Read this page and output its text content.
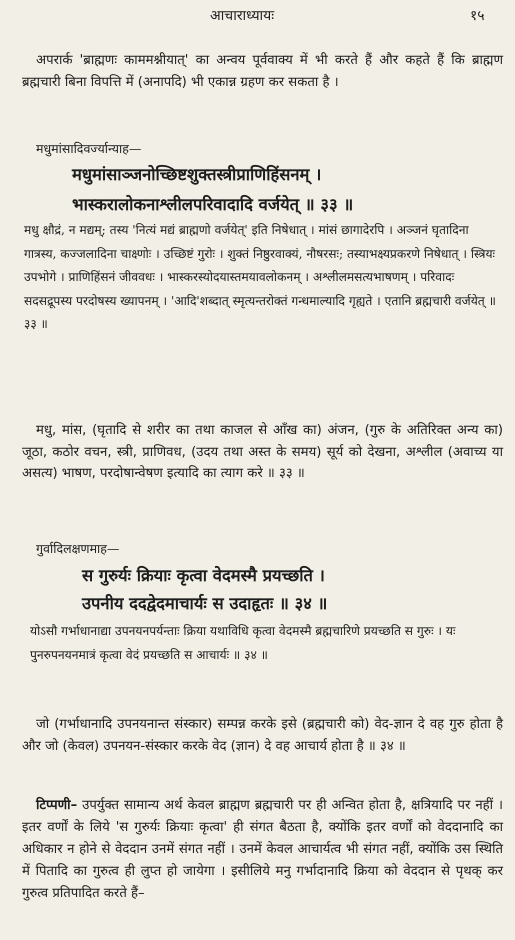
आचाराध्यायः	१५
अपरार्क 'ब्राह्मणः काममश्नीयात्' का अन्वय पूर्ववाक्य में भी करते हैं और कहते हैं कि ब्राह्मण ब्रह्मचारी बिना विपत्ति में (अनापदि) भी एकान्न ग्रहण कर सकता है ।
मधुमांसादिवर्ज्यान्याह—
मधुमांसाञ्जनोच्छिष्टशुक्तस्त्रीप्राणिहिंसनम् ।
भास्करालोकनाश्लीलपरिवादादि वर्जयेत् ॥ ३३ ॥
मधु क्षौद्रं, न मद्यम्; तस्य 'नित्यं मद्यं ब्राह्मणो वर्जयेत्' इति निषेधात् । मांसं छागादेरपि । अञ्जनं घृतादिना गात्रस्य, कज्जलादिना चाक्ष्णोः । उच्छिष्टं गुरोः । शुक्तं निष्ठुरवाक्यं, नौषरसः; तस्याभक्ष्यप्रकरणे निषेधात् । स्त्रियः उपभोगे । प्राणिहिंसनं जीववधः । भास्करस्योदयास्तमयावलोकनम् । अश्लीलमसत्यभाषणम् । परिवादः सदसद्रूपस्य परदोषस्य ख्यापनम् । 'आदि'शब्दात् स्मृत्यन्तरोक्तं गन्धमाल्यादि गृह्यते । एतानि ब्रह्मचारी वर्जयेत् ॥ ३३ ॥
मधु, मांस, (घृतादि से शरीर का तथा काजल से आँख का) अंजन, (गुरु के अतिरिक्त अन्य का) जूठा, कठोर वचन, स्त्री, प्राणिवध, (उदय तथा अस्त के समय) सूर्य को देखना, अश्लील (अवाच्य या असत्य) भाषण, परदोषान्वेषण इत्यादि का त्याग करे ॥ ३३ ॥
गुर्वादिलक्षणमाह—
स गुरुर्यः क्रियाः कृत्वा वेदमस्मै प्रयच्छति ।
उपनीय ददद्वेदमाचार्यः स उदाहृतः ॥ ३४ ॥
योऽसौ गर्भाधानाद्या उपनयनपर्यन्ताः क्रिया यथाविधि कृत्वा वेदमस्मै ब्रह्मचारिणे प्रयच्छति स गुरुः । यः पुनरुपनयनमात्रं कृत्वा वेदं प्रयच्छति स आचार्यः ॥ ३४ ॥
जो (गर्भाधानादि उपनयनान्त संस्कार) सम्पन्न करके इसे (ब्रह्मचारी को) वेद-ज्ञान दे वह गुरु होता है और जो (केवल) उपनयन-संस्कार करके वेद (ज्ञान) दे वह आचार्य होता है ॥ ३४ ॥
टिप्पणी– उपर्युक्त सामान्य अर्थ केवल ब्राह्मण ब्रह्मचारी पर ही अन्वित होता है, क्षत्रियादि पर नहीं । इतर वर्णों के लिये 'स गुरुर्यः क्रियाः कृत्वा' ही संगत बैठता है, क्योंकि इतर वर्णों को वेददानादि का अधिकार न होने से वेददान उनमें संगत नहीं । उनमें केवल आचार्यत्व भी संगत नहीं, क्योंकि उस स्थिति में पितादि का गुरुत्व ही लुप्त हो जायेगा । इसीलिये मनु गर्भादानादि क्रिया को वेददान से पृथक् कर गुरुत्व प्रतिपादित करते हैं–
